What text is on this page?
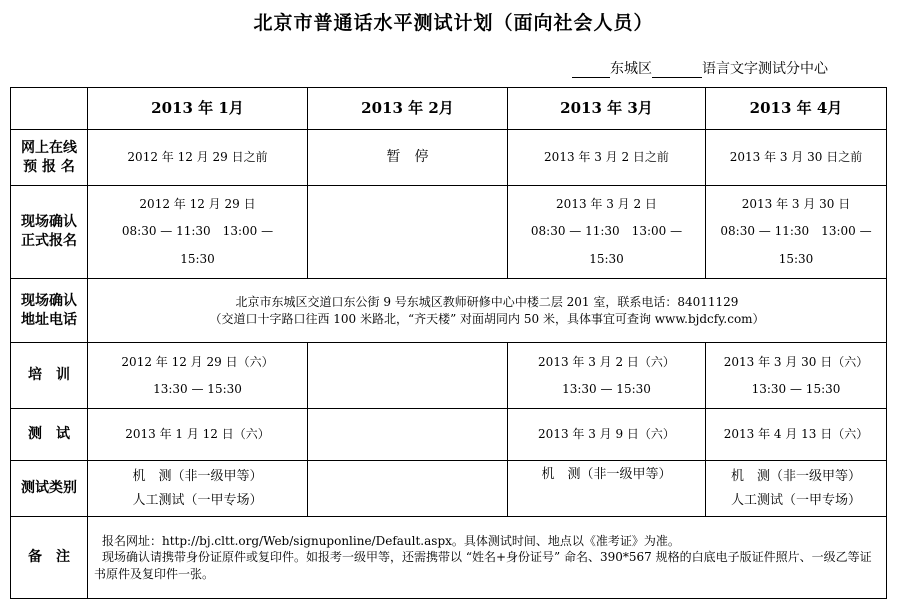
北京市普通话水平测试计划（面向社会人员）
东城区	语言文字测试分中心
	2013 年 1月	2013 年 2月	2013 年 3月	2013 年 4月

网上在线
预 报 名	2012 年 12 月 29 日之前	暂　停	2013 年 3 月 2 日之前	2013 年 3 月 30 日之前

现场确认
正式报名	2012 年 12 月 29 日
08:30 — 11:30　13:00 —
15:30		2013 年 3 月 2 日
08:30 — 11:30　13:00 —
15:30	2013 年 3 月 30 日
08:30 — 11:30　13:00 —
15:30

现场确认
地址电话	北京市东城区交道口东公街 9 号东城区教师研修中心中楼二层 201 室，联系电话：84011129
（交道口十字路口往西 100 米路北，“齐天楼” 对面胡同内 50 米，具体事宜可查询 www.bjdcfy.com）			

培　训	2012 年 12 月 29 日（六）
13:30 — 15:30		2013 年 3 月 2 日（六）
13:30 — 15:30	2013 年 3 月 30 日（六）
13:30 — 15:30

测　试	2013 年 1 月 12 日（六）		2013 年 3 月 9 日（六）	2013 年 4 月 13 日（六）
测试类别	机　测（非一级甲等）
人工测试（一甲专场）		机　测（非一级甲等）	机　测（非一级甲等）
人工测试（一甲专场）

备　注	报名网址：http://bj.cltt.org/Web/signuponline/Default.aspx。具体测试时间、地点以《准考证》为准。

现场确认请携带身份证原件或复印件。如报考一级甲等，还需携带以 “姓名+身份证号” 命名、390*567 规格的白底电子版证件照片、一级乙等证书原件及复印件一张。			
